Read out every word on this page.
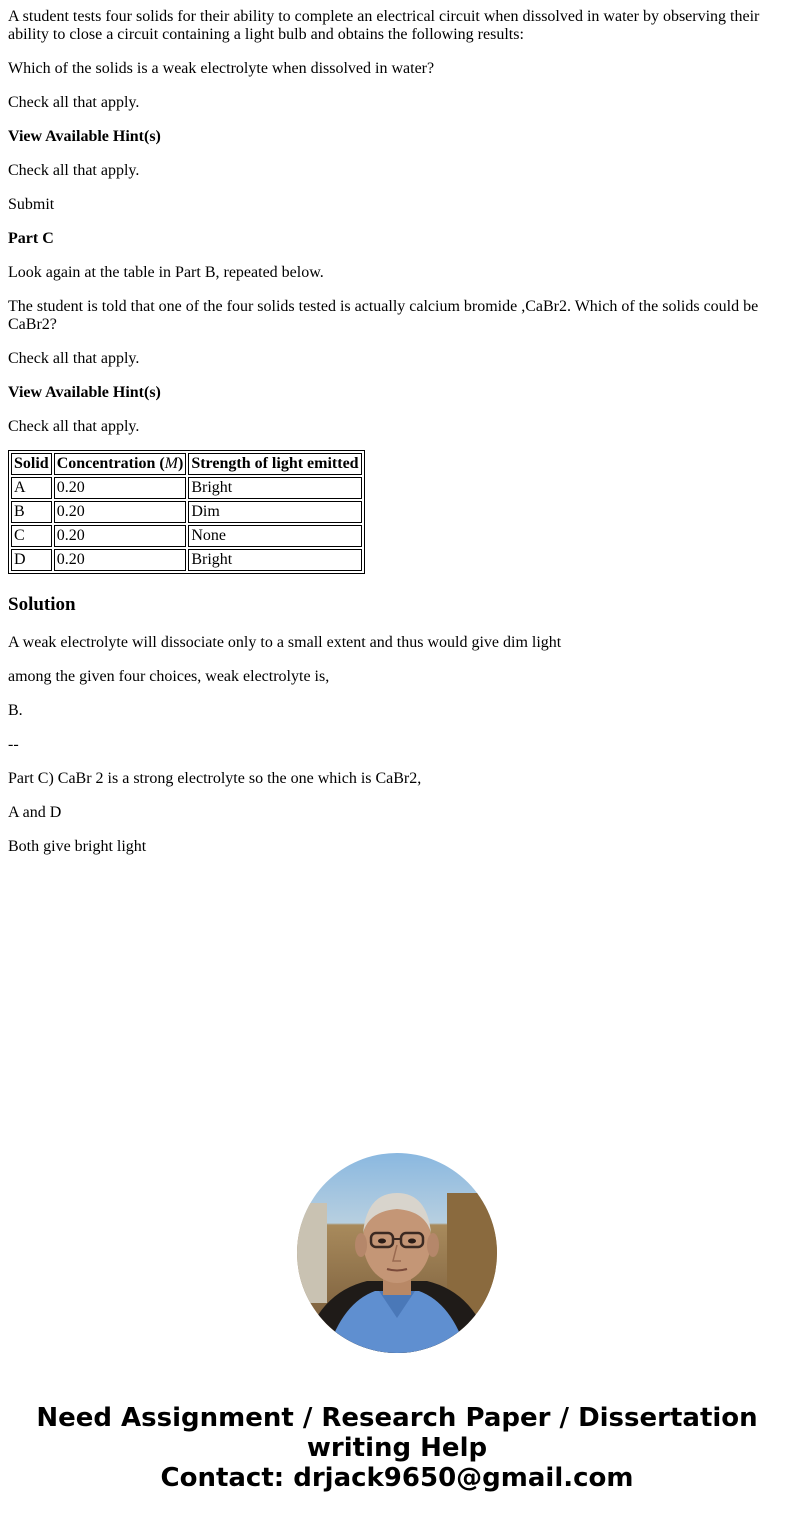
A student tests four solids for their ability to complete an electrical circuit when dissolved in water by observing their ability to close a circuit containing a light bulb and obtains the following results:

Which of the solids is a weak electrolyte when dissolved in water?

Check all that apply.

View Available Hint(s)

Check all that apply.

Submit

Part C

Look again at the table in Part B, repeated below.

The student is told that one of the four solids tested is actually calcium bromide ,CaBr2. Which of the solids could be CaBr2?

Check all that apply.

View Available Hint(s)

Check all that apply.

Solid	Concentration (M)	Strength of light emitted
A	0.20	Bright
B	0.20	Dim
C	0.20	None
D	0.20	Bright
Solution

A weak electrolyte will dissociate only to a small extent and thus would give dim light

among the given four choices, weak electrolyte is,

B.

--

Part C) CaBr 2 is a strong electrolyte so the one which is CaBr2,

A and D

Both give bright light

Need Assignment / Research Paper / Dissertation
writing Help
Contact: drjack9650@gmail.com
